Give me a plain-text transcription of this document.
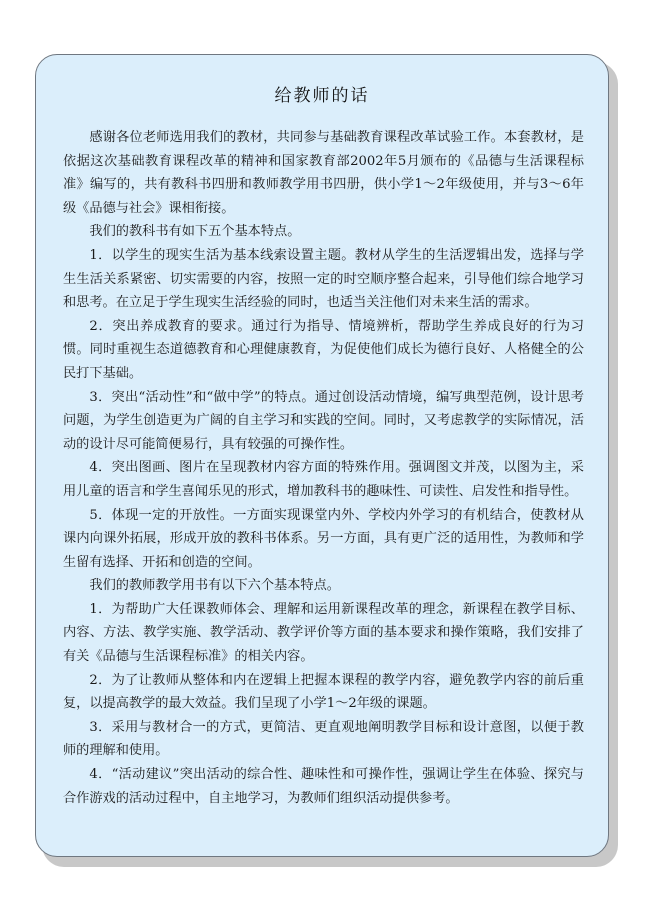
给教师的话

感谢各位老师选用我们的教材，共同参与基础教育课程改革试验工作。本套教材，是依据这次基础教育课程改革的精神和国家教育部2002年5月颁布的《品德与生活课程标准》编写的，共有教科书四册和教师教学用书四册，供小学1～2年级使用，并与3～6年级《品德与社会》课相衔接。

我们的教科书有如下五个基本特点。

1．以学生的现实生活为基本线索设置主题。教材从学生的生活逻辑出发，选择与学生生活关系紧密、切实需要的内容，按照一定的时空顺序整合起来，引导他们综合地学习和思考。在立足于学生现实生活经验的同时，也适当关注他们对未来生活的需求。

2．突出养成教育的要求。通过行为指导、情境辨析，帮助学生养成良好的行为习惯。同时重视生态道德教育和心理健康教育，为促使他们成长为德行良好、人格健全的公民打下基础。

3．突出“活动性”和“做中学”的特点。通过创设活动情境，编写典型范例，设计思考问题，为学生创造更为广阔的自主学习和实践的空间。同时，又考虑教学的实际情况，活动的设计尽可能简便易行，具有较强的可操作性。

4．突出图画、图片在呈现教材内容方面的特殊作用。强调图文并茂，以图为主，采用儿童的语言和学生喜闻乐见的形式，增加教科书的趣味性、可读性、启发性和指导性。

5．体现一定的开放性。一方面实现课堂内外、学校内外学习的有机结合，使教材从课内向课外拓展，形成开放的教科书体系。另一方面，具有更广泛的适用性，为教师和学生留有选择、开拓和创造的空间。

我们的教师教学用书有以下六个基本特点。

1．为帮助广大任课教师体会、理解和运用新课程改革的理念，新课程在教学目标、内容、方法、教学实施、教学活动、教学评价等方面的基本要求和操作策略，我们安排了有关《品德与生活课程标准》的相关内容。

2．为了让教师从整体和内在逻辑上把握本课程的教学内容，避免教学内容的前后重复，以提高教学的最大效益。我们呈现了小学1～2年级的课题。

3．采用与教材合一的方式，更简洁、更直观地阐明教学目标和设计意图，以便于教师的理解和使用。

4．“活动建议”突出活动的综合性、趣味性和可操作性，强调让学生在体验、探究与合作游戏的活动过程中，自主地学习，为教师们组织活动提供参考。
